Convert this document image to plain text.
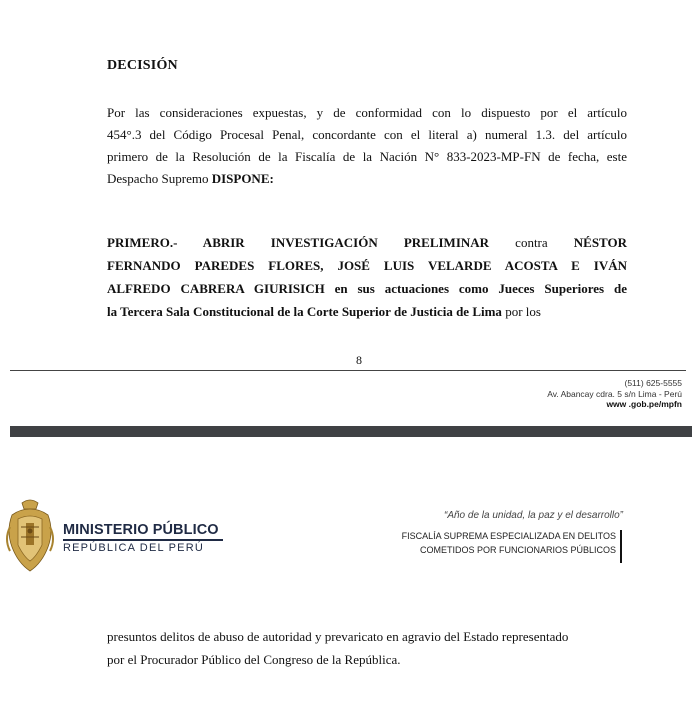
DECISIÓN
Por las consideraciones expuestas, y de conformidad con lo dispuesto por el artículo
454°.3 del Código Procesal Penal, concordante con el literal a) numeral 1.3. del artículo
primero de la Resolución de la Fiscalía de la Nación N° 833-2023-MP-FN de fecha, este
Despacho Supremo DISPONE:
PRIMERO.- ABRIR INVESTIGACIÓN PRELIMINAR contra NÉSTOR
FERNANDO PAREDES FLORES, JOSÉ LUIS VELARDE ACOSTA E IVÁN
ALFREDO CABRERA GIURISICH en sus actuaciones como Jueces Superiores de
la Tercera Sala Constitucional de la Corte Superior de Justicia de Lima por los
8
(511) 625-5555
Av. Abancay cdra. 5 s/n Lima - Perú
www .gob.pe/mpfn
MINISTERIO PÚBLICO
REPÚBLICA DEL PERÚ
“Año de la unidad, la paz y el desarrollo”
FISCALÍA SUPREMA ESPECIALIZADA EN DELITOS
COMETIDOS POR FUNCIONARIOS PÚBLICOS
presuntos delitos de abuso de autoridad y prevaricato en agravio del Estado representado
por el Procurador Público del Congreso de la República.
